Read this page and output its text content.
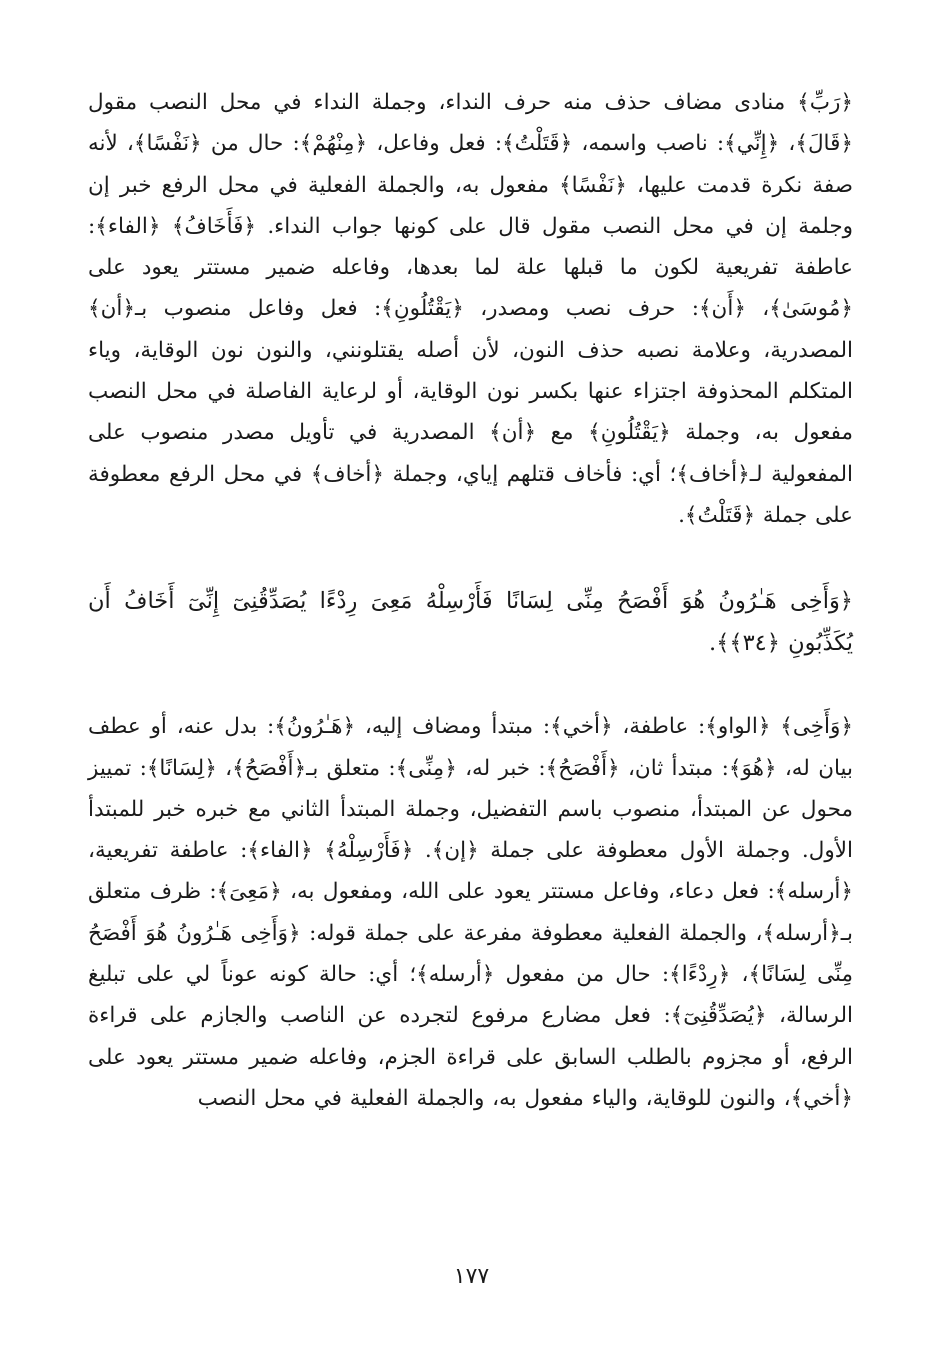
﴿رَبِّ﴾ منادى مضاف حذف منه حرف النداء، وجملة النداء في محل النصب مقول ﴿قَالَ﴾، ﴿إِنِّي﴾: ناصب واسمه، ﴿قَتَلْتُ﴾: فعل وفاعل، ﴿مِنْهُمْ﴾: حال من ﴿نَفْسًا﴾، لأنه صفة نكرة قدمت عليها، ﴿نَفْسًا﴾ مفعول به، والجملة الفعلية في محل الرفع خبر إن وجلمة إن في محل النصب مقول قال على كونها جواب النداء. ﴿فَأَخَافُ﴾ ﴿الفاء﴾: عاطفة تفريعية لكون ما قبلها علة لما بعدها، وفاعله ضمير مستتر يعود على ﴿مُوسَىٰ﴾، ﴿أَن﴾: حرف نصب ومصدر، ﴿يَقْتُلُونِ﴾: فعل وفاعل منصوب بـ﴿أن﴾ المصدرية، وعلامة نصبه حذف النون، لأن أصله يقتلونني، والنون نون الوقاية، وياء المتكلم المحذوفة اجتزاء عنها بكسر نون الوقاية، أو لرعاية الفاصلة في محل النصب مفعول به، وجملة ﴿يَقْتُلُونِ﴾ مع ﴿أن﴾ المصدرية في تأويل مصدر منصوب على المفعولية لـ﴿أخاف﴾؛ أي: فأخاف قتلهم إياي، وجملة ﴿أخاف﴾ في محل الرفع معطوفة على جملة ﴿قَتَلْتُ﴾.

﴿وَأَخِى هَـٰرُونُ هُوَ أَفْصَحُ مِنِّى لِسَانًا فَأَرْسِلْهُ مَعِىَ رِدْءًا يُصَدِّقُنِىٓ إِنِّىٓ أَخَافُ أَن يُكَذِّبُونِ ﴿٣٤﴾﴾.

﴿وَأَخِى﴾ ﴿الواو﴾: عاطفة، ﴿أخي﴾: مبتدأ ومضاف إليه، ﴿هَـٰرُونُ﴾: بدل عنه، أو عطف بيان له، ﴿هُوَ﴾: مبتدأ ثان، ﴿أَفْصَحُ﴾: خبر له، ﴿مِنِّى﴾: متعلق بـ﴿أَفْصَحُ﴾، ﴿لِسَانًا﴾: تمييز محول عن المبتدأ، منصوب باسم التفضيل، وجملة المبتدأ الثاني مع خبره خبر للمبتدأ الأول. وجملة الأول معطوفة على جملة ﴿إن﴾. ﴿فَأَرْسِلْهُ﴾ ﴿الفاء﴾: عاطفة تفريعية، ﴿أرسله﴾: فعل دعاء، وفاعل مستتر يعود على الله، ومفعول به، ﴿مَعِىَ﴾: ظرف متعلق بـ﴿أرسله﴾، والجملة الفعلية معطوفة مفرعة على جملة قوله: ﴿وَأَخِى هَـٰرُونُ هُوَ أَفْصَحُ مِنِّى لِسَانًا﴾، ﴿رِدْءًا﴾: حال من مفعول ﴿أرسله﴾؛ أي: حالة كونه عوناً لي على تبليغ الرسالة، ﴿يُصَدِّقُنِىٓ﴾: فعل مضارع مرفوع لتجرده عن الناصب والجازم على قراءة الرفع، أو مجزوم بالطلب السابق على قراءة الجزم، وفاعله ضمير مستتر يعود على ﴿أخي﴾، والنون للوقاية، والياء مفعول به، والجملة الفعلية في محل النصب

١٧٧
